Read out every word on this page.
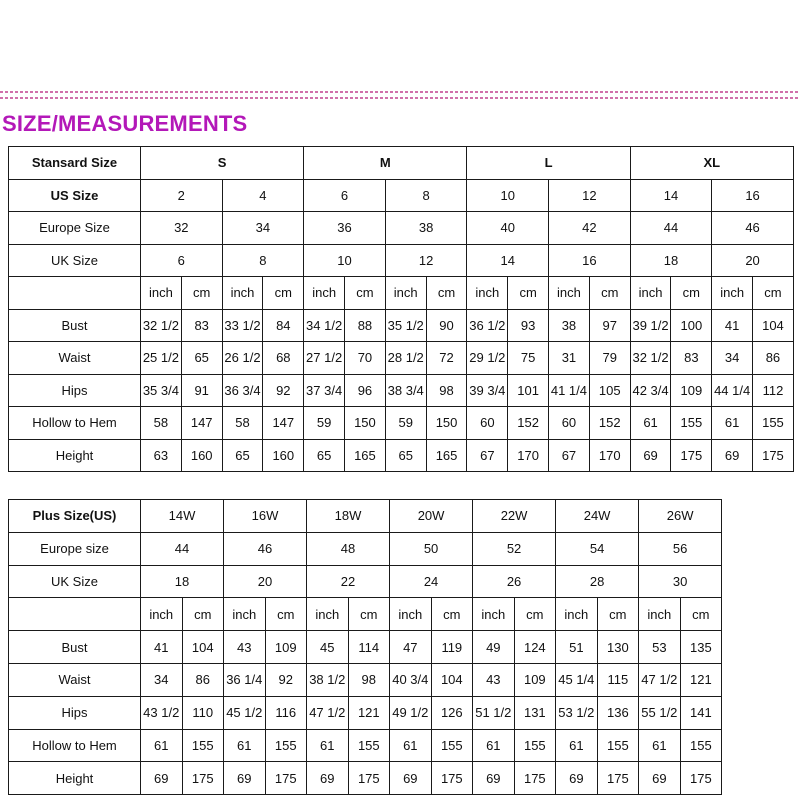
SIZE/MEASUREMENTS
Stansard Size	S				M				L				XL			
US Size	2		4		6		8		10		12		14		16	
Europe Size	32		34		36		38		40		42		44		46	
UK Size	6		8		10		12		14		16		18		20	
	inch	cm	inch	cm	inch	cm	inch	cm	inch	cm	inch	cm	inch	cm	inch	cm
Bust	32 1/2	83	33 1/2	84	34 1/2	88	35 1/2	90	36 1/2	93	38	97	39 1/2	100	41	104
Waist	25 1/2	65	26 1/2	68	27 1/2	70	28 1/2	72	29 1/2	75	31	79	32 1/2	83	34	86
Hips	35 3/4	91	36 3/4	92	37 3/4	96	38 3/4	98	39 3/4	101	41 1/4	105	42 3/4	109	44 1/4	112
Hollow to Hem	58	147	58	147	59	150	59	150	60	152	60	152	61	155	61	155
Height	63	160	65	160	65	165	65	165	67	170	67	170	69	175	69	175
Plus Size(US)	14W		16W		18W		20W		22W		24W		26W		
Europe size	44		46		48		50		52		54		56		
UK Size	18		20		22		24		26		28		30		
	inch	cm	inch	cm	inch	cm	inch	cm	inch	cm	inch	cm	inch	cm	
Bust	41	104	43	109	45	114	47	119	49	124	51	130	53	135	
Waist	34	86	36 1/4	92	38 1/2	98	40 3/4	104	43	109	45 1/4	115	47 1/2	121	
Hips	43 1/2	110	45 1/2	116	47 1/2	121	49 1/2	126	51 1/2	131	53 1/2	136	55 1/2	141	
Hollow to Hem	61	155	61	155	61	155	61	155	61	155	61	155	61	155	
Height	69	175	69	175	69	175	69	175	69	175	69	175	69	175	
